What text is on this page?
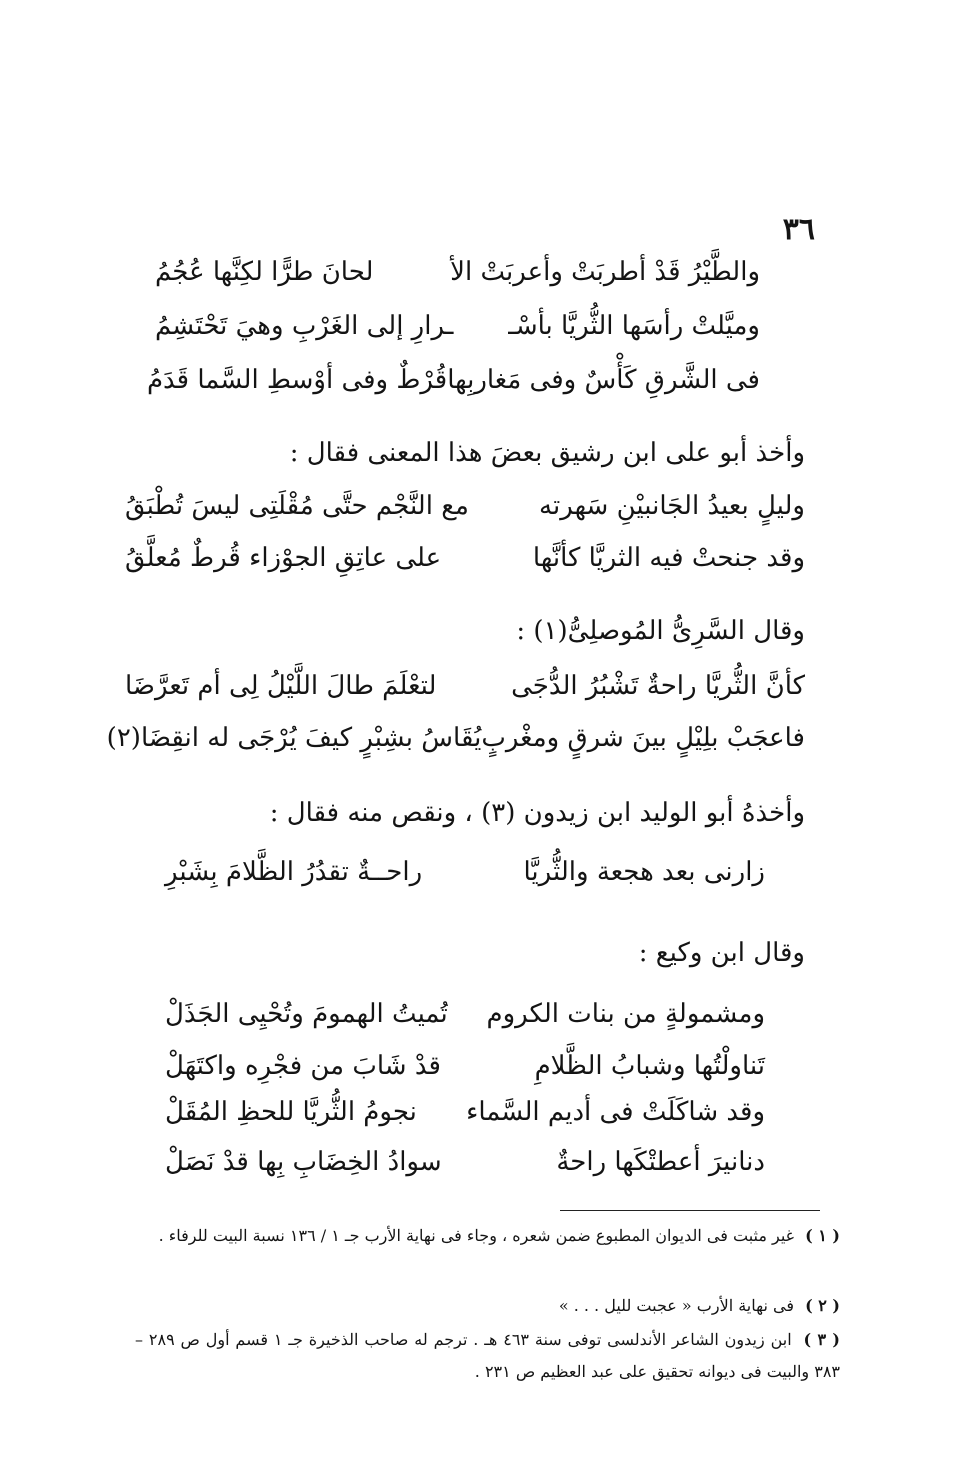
٣٦
والطَّيْرُ قَدْ أطربَتْ وأعربَتْ الأ
لحانَ طرًّا لكِنَّها عُجُمُ
وميَّلتْ رأسَها الثُّريَّا بأسْـ
ـرارِ إلى الغَرْبِ وهيَ تَحْتَشِمُ
فى الشَّرقِ كَأْسٌ وفى مَغاربِها
قُرْطٌ وفى أوْسطِ السَّما قَدَمُ
وأخذ أبو على ابن رشيق بعضَ هذا المعنى فقال :
وليلٍ بعيدُ الجَانبيْنِ سَهرته
مع النَّجْم حتَّى مُقْلَتِى ليسَ تُطْبَقُ
وقد جنحتْ فيه الثريَّا كأنَّها
على عاتِقِ الجوْزاء قُرطٌ مُعلَّقُ
وقال السَّرِىُّ المُوصلِىُّ(١) :
كأنَّ الثُّريَّا راحةٌ تَشْبُرُ الدُّجَى
لتعْلَمَ طالَ اللَّيْلُ لِى أم تَعرَّضَا
فاعجَبْ بلِيْلٍ بينَ شرقٍ ومغْربٍ
يُقَاسُ بشِبْرٍ كيفَ يُرْجَى له انقِضَا(٢)
وأخذهُ أبو الوليد ابن زيدون (٣) ، ونقص منه فقال :
زارنى بعد هجعة والثُّريَّا
راحــةٌ تقدُرُ الظَّلامَ بِشَبْرِ
وقال ابن وكيع :
ومشمولةٍ من بنات الكروم
تُميتُ الهمومَ وتُحْيِى الجَذَلْ
تَناولْتُها وشبابُ الظَّلامِ
قدْ شَابَ من فجْرِه واكتَهَلْ
وقد شاكَلَتْ فى أديم السَّماء
نجومُ الثُّريَّا للحظِ المُقَلْ
دنانيرَ أعطتْكَها راحةٌ
سوادُ الخِضَابِ بِها قدْ نَصَلْ
( ١ ) غير مثبت فى الديوان المطبوع ضمن شعره ، وجاء فى نهاية الأرب جـ ١ / ١٣٦ نسبة البيت للرفاء .
( ٢ ) فى نهاية الأرب « عجبت لليل . . . »
( ٣ ) ابن زيدون الشاعر الأندلسى توفى سنة ٤٦٣ هـ . ترجم له صاحب الذخيرة جـ ١ قسم أول ص ٢٨٩ – ٣٨٣ والبيت فى ديوانه تحقيق على عبد العظيم ص ٢٣١ .
